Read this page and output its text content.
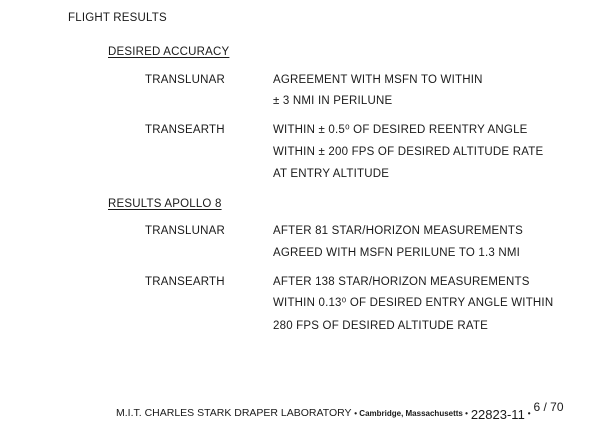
FLIGHT RESULTS
DESIRED ACCURACY
TRANSLUNAR	AGREEMENT WITH MSFN TO WITHIN
± 3 NMI IN PERILUNE
TRANSEARTH	WITHIN ± 0.5⁰ OF DESIRED REENTRY ANGLE
WITHIN ± 200 FPS OF DESIRED ALTITUDE RATE
AT ENTRY ALTITUDE
RESULTS APOLLO 8
TRANSLUNAR	AFTER 81 STAR/HORIZON MEASUREMENTS
AGREED WITH MSFN PERILUNE TO 1.3 NMI
TRANSEARTH	AFTER 138 STAR/HORIZON MEASUREMENTS
WITHIN 0.13⁰ OF DESIRED ENTRY ANGLE WITHIN
280 FPS OF DESIRED ALTITUDE RATE
M.I.T. CHARLES STARK DRAPER LABORATORY • Cambridge, Massachusetts • 22823-11 • 6 / 70
